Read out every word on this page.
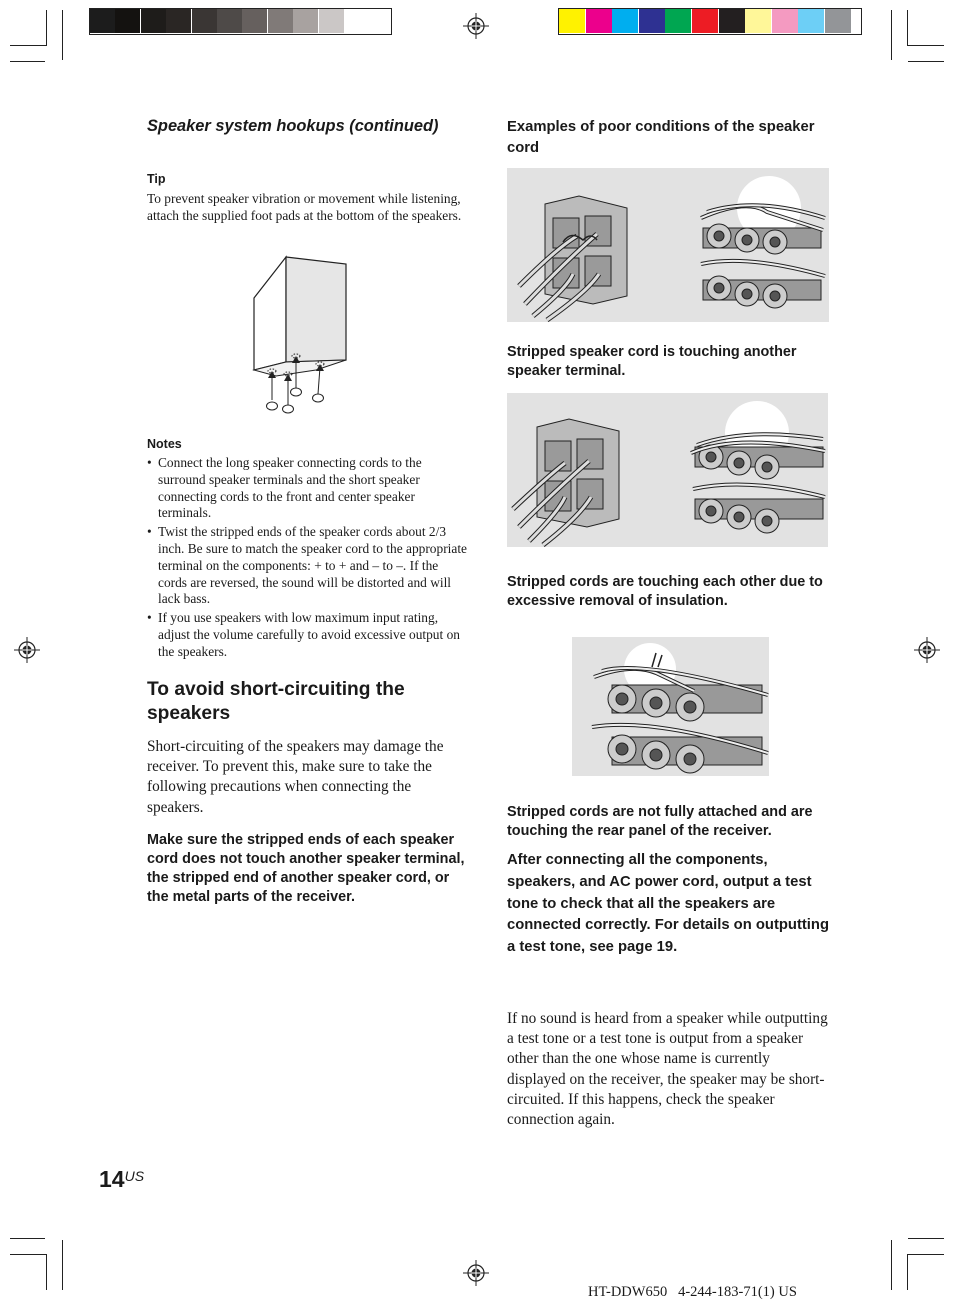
Speaker system hookups (continued)
Tip
To prevent speaker vibration or movement while listening, attach the supplied foot pads at the bottom of the speakers.
Notes
• Connect the long speaker connecting cords to the surround speaker terminals and the short speaker connecting cords to the front and center speaker terminals.
• Twist the stripped ends of the speaker cords about 2/3 inch. Be sure to match the speaker cord to the appropriate terminal on the components: + to + and – to –. If the cords are reversed, the sound will be distorted and will lack bass.
• If you use speakers with low maximum input rating, adjust the volume carefully to avoid excessive output on the speakers.
To avoid short-circuiting the
speakers
Short-circuiting of the speakers may damage the receiver. To prevent this, make sure to take the following precautions when connecting the speakers.
Make sure the stripped ends of each speaker cord does not touch another speaker terminal, the stripped end of another speaker cord, or the metal parts of the receiver.
Examples of poor conditions of the speaker cord
Stripped speaker cord is touching another speaker terminal.
Stripped cords are touching each other due to excessive removal of insulation.
Stripped cords are not fully attached and are touching the rear panel of the receiver.
After connecting all the components, speakers, and AC power cord, output a test tone to check that all the speakers are connected correctly. For details on outputting a test tone, see page 19.
If no sound is heard from a speaker while outputting a test tone or a test tone is output from a speaker other than the one whose name is currently displayed on the receiver, the speaker may be short-circuited. If this happens, check the speaker connection again.
$14^{US}$
HT-DDW650   4-244-183-71(1) US
